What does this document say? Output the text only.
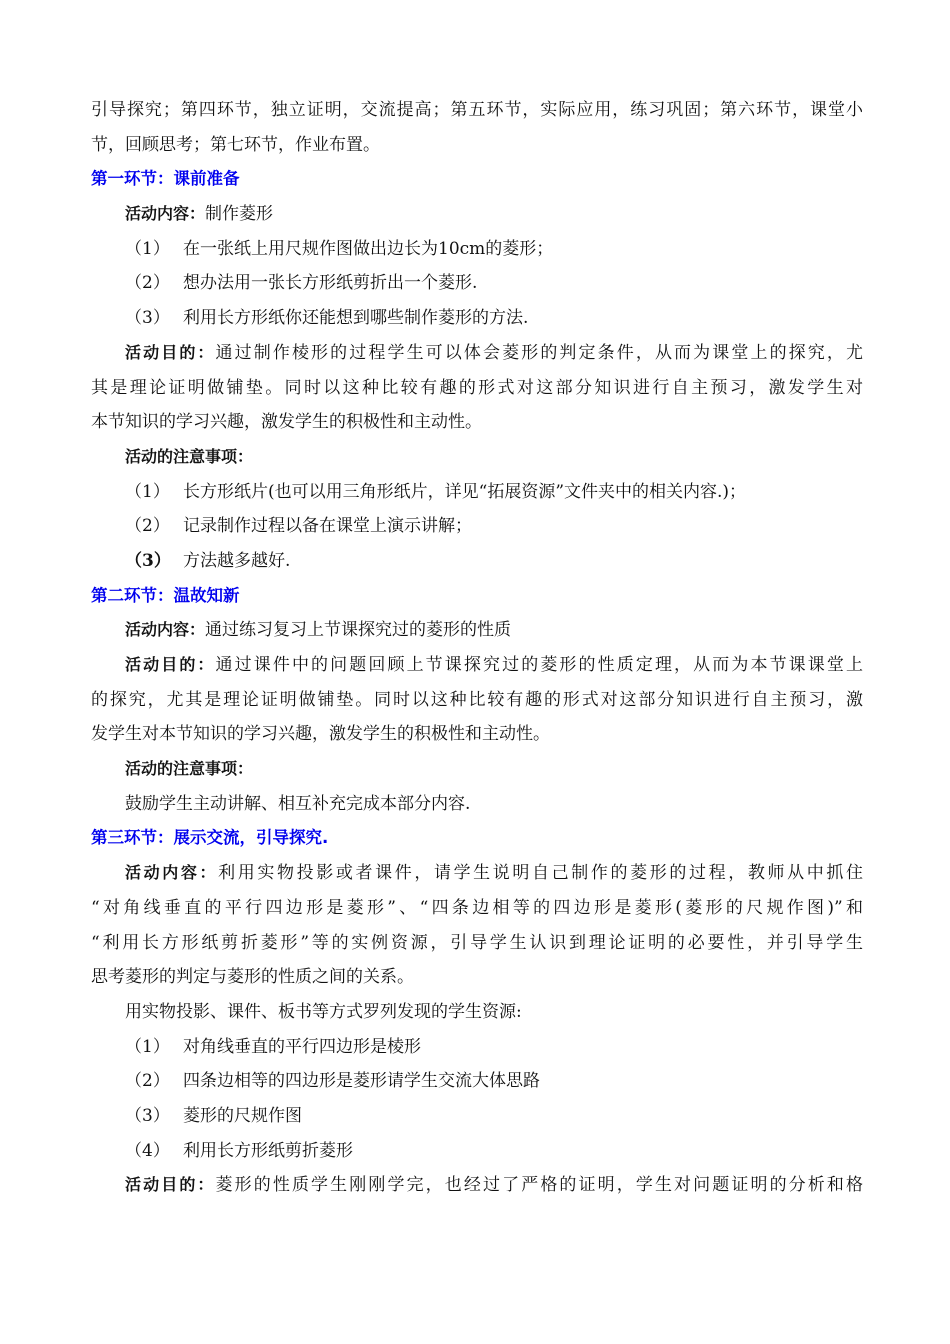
引导探究；第四环节，独立证明，交流提高；第五环节，实际应用，练习巩固；第六环节，课堂小
节，回顾思考；第七环节，作业布置。
第一环节：课前准备
活动内容：制作菱形
（1） 在一张纸上用尺规作图做出边长为10cm的菱形；
（2） 想办法用一张长方形纸剪折出一个菱形.
（3） 利用长方形纸你还能想到哪些制作菱形的方法.
活动目的：通过制作棱形的过程学生可以体会菱形的判定条件，从而为课堂上的探究，尤
其是理论证明做铺垫。同时以这种比较有趣的形式对这部分知识进行自主预习，激发学生对
本节知识的学习兴趣，激发学生的积极性和主动性。
活动的注意事项：
（1） 长方形纸片(也可以用三角形纸片，详见“拓展资源”文件夹中的相关内容.)；
（2） 记录制作过程以备在课堂上演示讲解；
（3） 方法越多越好.
第二环节：温故知新
活动内容：通过练习复习上节课探究过的菱形的性质
活动目的：通过课件中的问题回顾上节课探究过的菱形的性质定理，从而为本节课课堂上
的探究，尤其是理论证明做铺垫。同时以这种比较有趣的形式对这部分知识进行自主预习，激
发学生对本节知识的学习兴趣，激发学生的积极性和主动性。
活动的注意事项：
鼓励学生主动讲解、相互补充完成本部分内容.
第三环节：展示交流，引导探究.
活动内容：利用实物投影或者课件，请学生说明自己制作的菱形的过程，教师从中抓住
“对角线垂直的平行四边形是菱形”、“四条边相等的四边形是菱形(菱形的尺规作图)”和
“利用长方形纸剪折菱形”等的实例资源，引导学生认识到理论证明的必要性，并引导学生
思考菱形的判定与菱形的性质之间的关系。
用实物投影、课件、板书等方式罗列发现的学生资源:
（1） 对角线垂直的平行四边形是棱形
（2） 四条边相等的四边形是菱形请学生交流大体思路
（3） 菱形的尺规作图
（4） 利用长方形纸剪折菱形
活动目的：菱形的性质学生刚刚学完，也经过了严格的证明，学生对问题证明的分析和格
